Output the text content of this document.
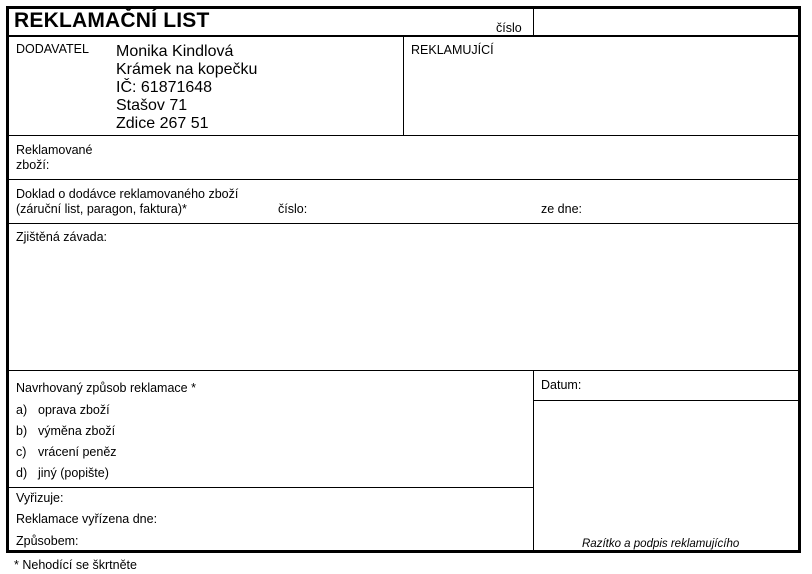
REKLAMAČNÍ LIST	číslo
DODAVATEL Monika Kindlová
Krámek na kopečku
IČ: 61871648
Stašov 71
Zdice 267 51
REKLAMUJÍCÍ
Reklamované
zboží:
Doklad o dodávce reklamovaného zboží
(záruční list, paragon, faktura)*	číslo:	ze dne:
Zjištěná závada:
Navrhovaný způsob reklamace *
a) oprava zboží
b) výměna zboží
c) vrácení peněz
d) jiný (popište)
Datum:
Razítko a podpis reklamujícího
Vyřizuje:
Reklamace vyřízena dne:
Způsobem:
* Nehodící se škrtněte
